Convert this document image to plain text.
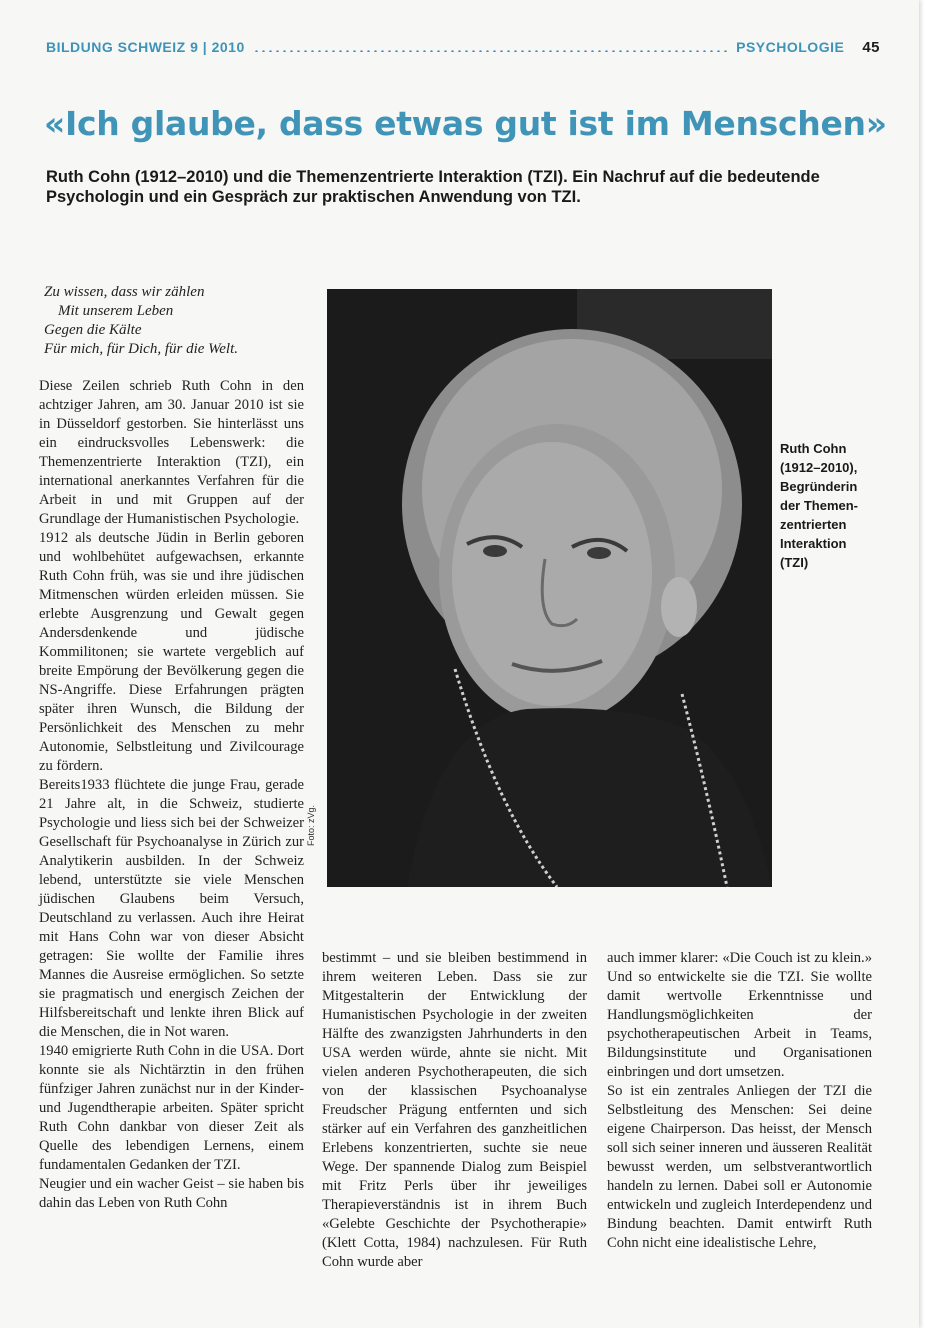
BILDUNG SCHWEIZ 9 | 2010	PSYCHOLOGIE 45
«Ich glaube, dass etwas gut ist im Menschen»

Ruth Cohn (1912–2010) und die Themenzentrierte Interaktion (TZI). Ein Nachruf auf die bedeutende Psychologin und ein Gespräch zur praktischen Anwendung von TZI.

Zu wissen, dass wir zählen
Mit unserem Leben
Gegen die Kälte
Für mich, für Dich, für die Welt.

Diese Zeilen schrieb Ruth Cohn in den achtziger Jahren, am 30. Januar 2010 ist sie in Düsseldorf gestorben. Sie hinterlässt uns ein eindrucksvolles Lebenswerk: die Themenzentrierte Interaktion (TZI), ein international anerkanntes Verfahren für die Arbeit in und mit Gruppen auf der Grundlage der Humanistischen Psychologie.

1912 als deutsche Jüdin in Berlin geboren und wohlbehütet aufgewachsen, erkannte Ruth Cohn früh, was sie und ihre jüdischen Mitmenschen würden erleiden müssen. Sie erlebte Ausgrenzung und Gewalt gegen Andersdenkende und jüdische Kommilitonen; sie wartete vergeblich auf breite Empörung der Bevölkerung gegen die NS-Angriffe. Diese Erfahrungen prägten später ihren Wunsch, die Bildung der Persönlichkeit des Menschen zu mehr Autonomie, Selbstleitung und Zivilcourage zu fördern.

Bereits1933 flüchtete die junge Frau, gerade 21 Jahre alt, in die Schweiz, studierte Psychologie und liess sich bei der Schweizer Gesellschaft für Psychoanalyse in Zürich zur Analytikerin ausbilden. In der Schweiz lebend, unterstützte sie viele Menschen jüdischen Glaubens beim Versuch, Deutschland zu verlassen. Auch ihre Heirat mit Hans Cohn war von dieser Absicht getragen: Sie wollte der Familie ihres Mannes die Ausreise ermöglichen. So setzte sie pragmatisch und energisch Zeichen der Hilfsbereitschaft und lenkte ihren Blick auf die Menschen, die in Not waren.

1940 emigrierte Ruth Cohn in die USA. Dort konnte sie als Nichtärztin in den frühen fünfziger Jahren zunächst nur in der Kinder- und Jugendtherapie arbeiten. Später spricht Ruth Cohn dankbar von dieser Zeit als Quelle des lebendigen Lernens, einem fundamentalen Gedanken der TZI.

Neugier und ein wacher Geist – sie haben bis dahin das Leben von Ruth Cohn

Foto: zVg.
Ruth Cohn
(1912–2010),
Begründerin
der Themen-
zentrierten
Interaktion
(TZI)

bestimmt – und sie bleiben bestimmend in ihrem weiteren Leben. Dass sie zur Mitgestalterin der Entwicklung der Humanistischen Psychologie in der zweiten Hälfte des zwanzigsten Jahrhunderts in den USA werden würde, ahnte sie nicht. Mit vielen anderen Psychotherapeuten, die sich von der klassischen Psychoanalyse Freudscher Prägung entfernten und sich stärker auf ein Verfahren des ganzheitlichen Erlebens konzentrierten, suchte sie neue Wege. Der spannende Dialog zum Beispiel mit Fritz Perls über ihr jeweiliges Therapieverständnis ist in ihrem Buch «Gelebte Geschichte der Psychotherapie» (Klett Cotta, 1984) nachzulesen. Für Ruth Cohn wurde aber

auch immer klarer: «Die Couch ist zu klein.» Und so entwickelte sie die TZI. Sie wollte damit wertvolle Erkenntnisse und Handlungsmöglichkeiten der psychotherapeutischen Arbeit in Teams, Bildungsinstitute und Organisationen einbringen und dort umsetzen.

So ist ein zentrales Anliegen der TZI die Selbstleitung des Menschen: Sei deine eigene Chairperson. Das heisst, der Mensch soll sich seiner inneren und äusseren Realität bewusst werden, um selbstverantwortlich handeln zu lernen. Dabei soll er Autonomie entwickeln und zugleich Interdependenz und Bindung beachten. Damit entwirft Ruth Cohn nicht eine idealistische Lehre,
